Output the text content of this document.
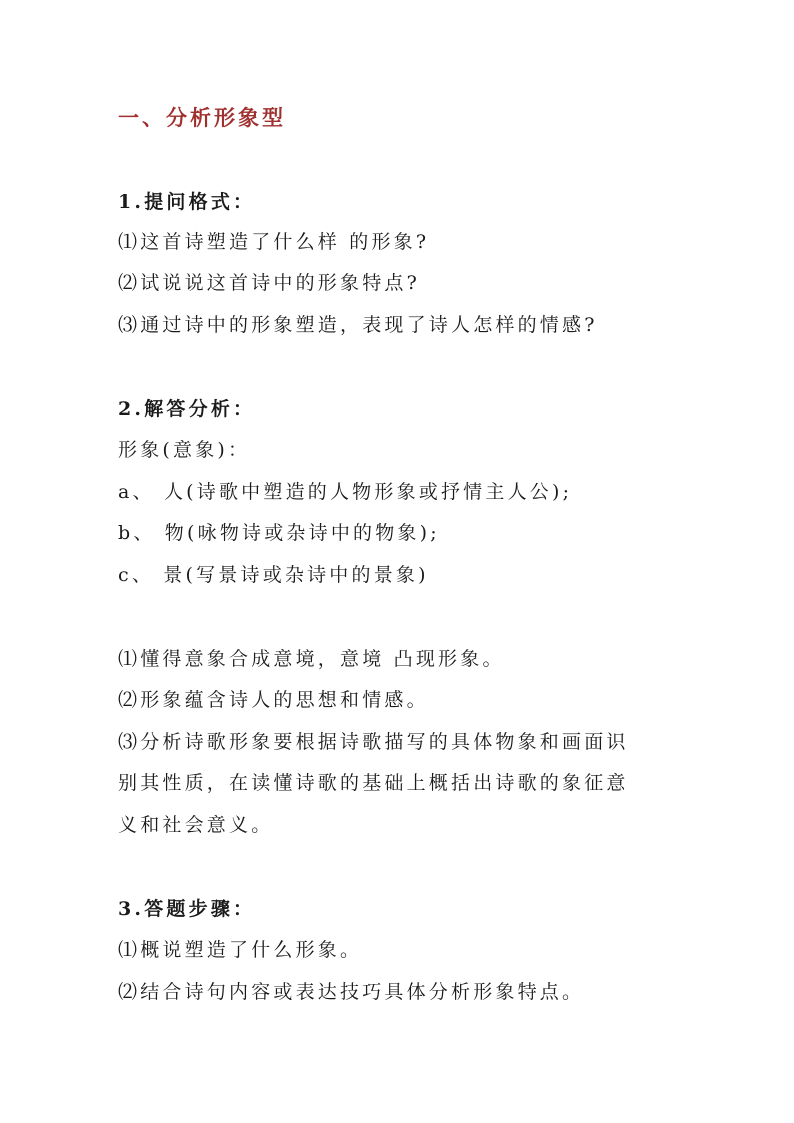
一、分析形象型
1.提问格式：
⑴这首诗塑造了什么样 的形象?
⑵试说说这首诗中的形象特点?
⑶通过诗中的形象塑造，表现了诗人怎样的情感?
2.解答分析：
形象(意象)：
a、 人(诗歌中塑造的人物形象或抒情主人公);
b、 物(咏物诗或杂诗中的物象);
c、 景(写景诗或杂诗中的景象)
⑴懂得意象合成意境，意境 凸现形象。
⑵形象蕴含诗人的思想和情感。
⑶分析诗歌形象要根据诗歌描写的具体物象和画面识
别其性质，在读懂诗歌的基础上概括出诗歌的象征意
义和社会意义。
3.答题步骤：
⑴概说塑造了什么形象。
⑵结合诗句内容或表达技巧具体分析形象特点。
